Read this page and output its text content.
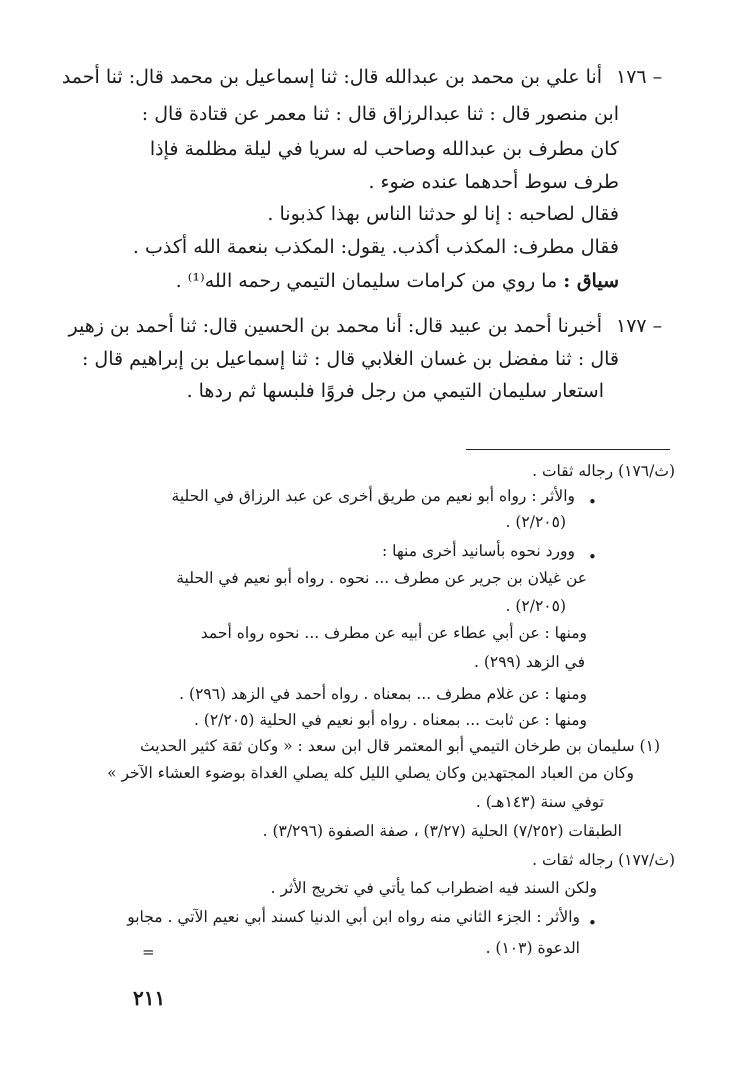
١٧٦ –
أنا علي بن محمد بن عبدالله قال: ثنا إسماعيل بن محمد قال: ثنا أحمد
ابن منصور قال : ثنا عبدالرزاق قال : ثنا معمر عن قتادة قال :
كان مطرف بن عبدالله وصاحب له سريا في ليلة مظلمة فإذا
طرف سوط أحدهما عنده ضوء .
فقال لصاحبه : إنا لو حدثنا الناس بهذا كذبونا .
فقال مطرف: المكذب أكذب. يقول: المكذب بنعمة الله أكذب .
سياق : ما روي من كرامات سليمان التيمي رحمه الله⁽¹⁾ .
١٧٧ –
أخبرنا أحمد بن عبيد قال: أنا محمد بن الحسين قال: ثنا أحمد بن زهير
قال : ثنا مفضل بن غسان الغلابي قال : ثنا إسماعيل بن إبراهيم قال :
استعار سليمان التيمي من رجل فروًا فلبسها ثم ردها .
(ث/١٧٦) رجاله ثقات .
•
والأثر : رواه أبو نعيم من طريق أخرى عن عبد الرزاق في الحلية
(٢/٢٠٥) .
•
وورد نحوه بأسانيد أخرى منها :
عن غيلان بن جرير عن مطرف ... نحوه . رواه أبو نعيم في الحلية
(٢/٢٠٥) .
ومنها : عن أبي عطاء عن أبيه عن مطرف ... نحوه رواه أحمد
في الزهد (٢٩٩) .
ومنها : عن غلام مطرف ... بمعناه . رواه أحمد في الزهد (٢٩٦) .
ومنها : عن ثابت ... بمعناه . رواه أبو نعيم في الحلية (٢/٢٠٥) .
(١) سليمان بن طرخان التيمي أبو المعتمر قال ابن سعد : « وكان ثقة كثير الحديث
وكان من العباد المجتهدين وكان يصلي الليل كله يصلي الغداة بوضوء العشاء الآخر »
توفي سنة (١٤٣هـ) .
الطبقات (٧/٢٥٢) الحلية (٣/٢٧) ، صفة الصفوة (٣/٢٩٦) .
(ث/١٧٧) رجاله ثقات .
ولكن السند فيه اضطراب كما يأتي في تخريج الأثر .
•
والأثر : الجزء الثاني منه رواه ابن أبي الدنيا كسند أبي نعيم الآتي . مجابو
الدعوة (١٠٣) .
=
٢١١
